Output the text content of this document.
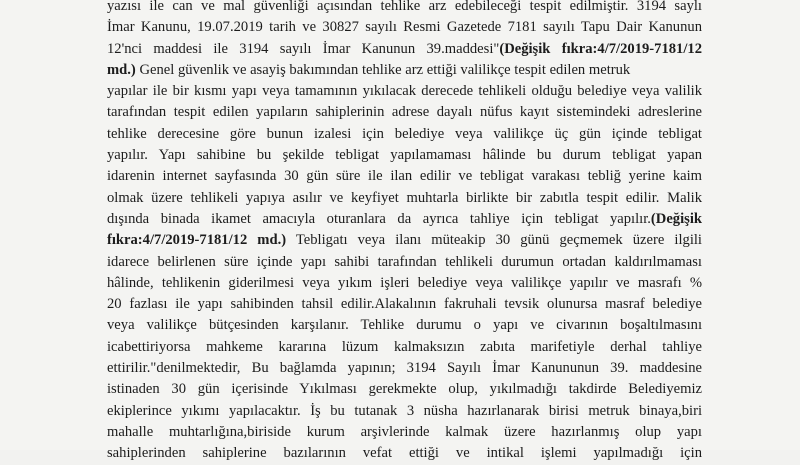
yazısı ile can ve mal güvenliği açısından tehlike arz edebileceği tespit edilmiştir. 3194 saylı
İmar Kanunu, 19.07.2019 tarih ve 30827 sayılı Resmi Gazetede 7181 sayılı Tapu Dair Kanunun
12'nci maddesi ile 3194 sayılı İmar Kanunun 39.maddesi"(Değişik fıkra:4/7/2019-7181/12
md.) Genel güvenlik ve asayiş bakımından tehlike arz ettiği valilikçe tespit edilen metruk
yapılar ile bir kısmı yapı veya tamamının yıkılacak derecede tehlikeli olduğu belediye veya valilik
tarafından tespit edilen yapıların sahiplerinin adrese dayalı nüfus kayıt sistemindeki adreslerine
tehlike derecesine göre bunun izalesi için belediye veya valilikçe üç gün içinde tebligat
yapılır. Yapı sahibine bu şekilde tebligat yapılamaması hâlinde bu durum tebligat yapan
idarenin internet sayfasında 30 gün süre ile ilan edilir ve tebligat varakası tebliğ yerine kaim
olmak üzere tehlikeli yapıya asılır ve keyfiyet muhtarla birlikte bir zabıtla tespit edilir. Malik
dışında binada ikamet amacıyla oturanlara da ayrıca tahliye için tebligat yapılır.(Değişik
fıkra:4/7/2019-7181/12 md.) Tebligatı veya ilanı müteakip 30 günü geçmemek üzere ilgili
idarece belirlenen süre içinde yapı sahibi tarafından tehlikeli durumun ortadan kaldırılmaması
hâlinde, tehlikenin giderilmesi veya yıkım işleri belediye veya valilikçe yapılır ve masrafı %
20 fazlası ile yapı sahibinden tahsil edilir.Alakalının fakruhali tevsik olunursa masraf belediye
veya valilikçe bütçesinden karşılanır. Tehlike durumu o yapı ve civarının boşaltılmasını
icabettiriyorsa mahkeme kararına lüzum kalmaksızın zabıta marifetiyle derhal tahliye
ettirilir."denilmektedir, Bu bağlamda yapının; 3194 Sayılı İmar Kanununun 39. maddesine
istinaden 30 gün içerisinde Yıkılması gerekmekte olup, yıkılmadığı takdirde Belediyemiz
ekiplerince yıkımı yapılacaktır. İş bu tutanak 3 nüsha hazırlanarak birisi metruk binaya,biri
mahalle muhtarlığına,biriside kurum arşivlerinde kalmak üzere hazırlanmış olup yapı
sahiplerinden sahiplerine bazılarının vefat ettiği ve intikal işlemi yapılmadığı için
